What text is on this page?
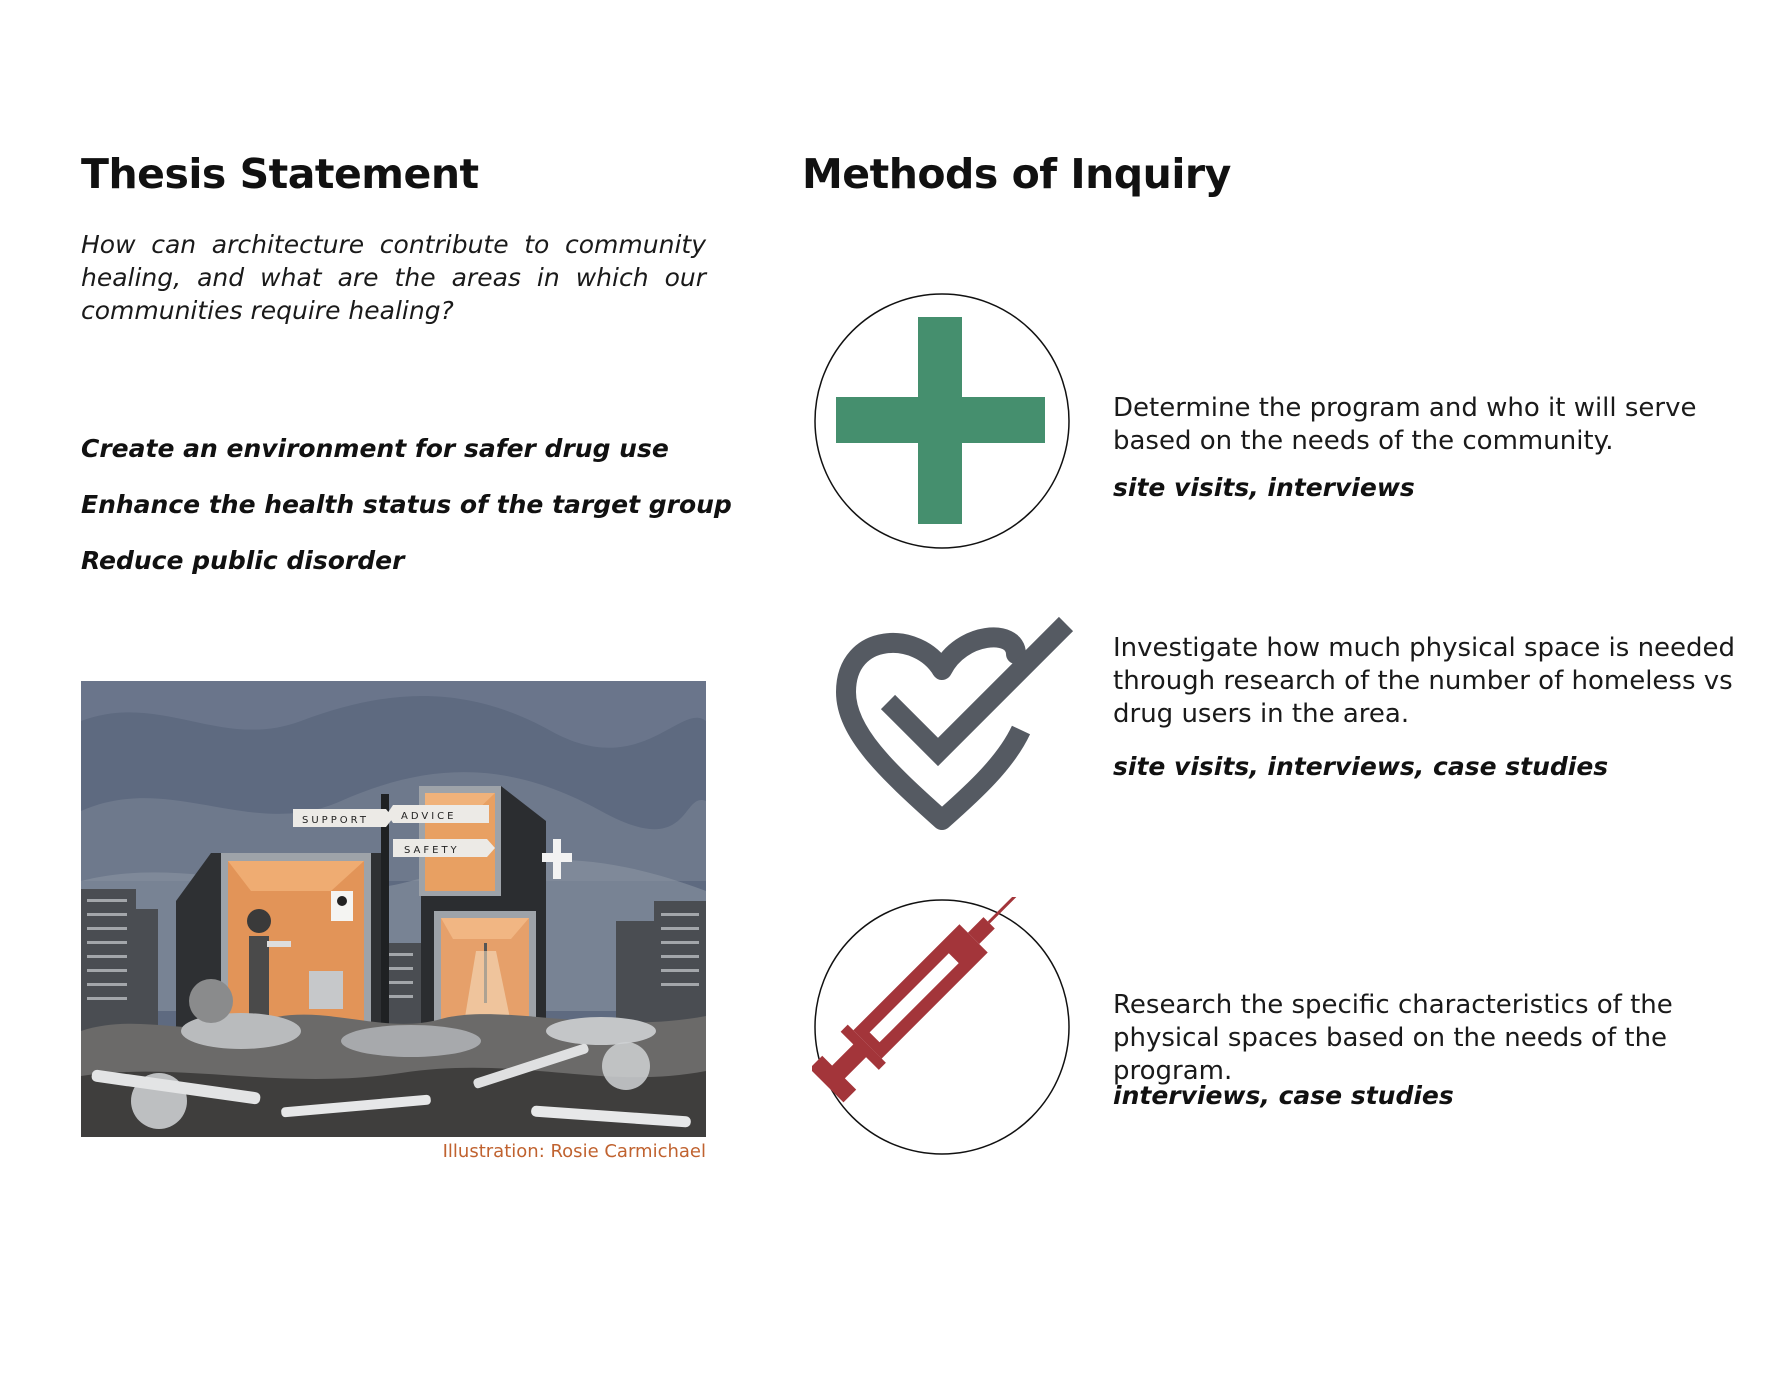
Thesis Statement

How can architecture contribute to community healing, and what are the areas in which our communities require healing?

Create an environment for safer drug use

Enhance the health status of the target group

Reduce public disorder

SUPPORT	ADVICE
SAFETY

Illustration: Rosie Carmichael

Methods of Inquiry

Determine the program and who it will serve based on the needs of the community.

site visits, interviews

Investigate how much physical space is needed through research of the number of homeless vs drug users in the area.

site visits, interviews, case studies

Research the specific characteristics of the physical spaces based on the needs of the program.

interviews, case studies
